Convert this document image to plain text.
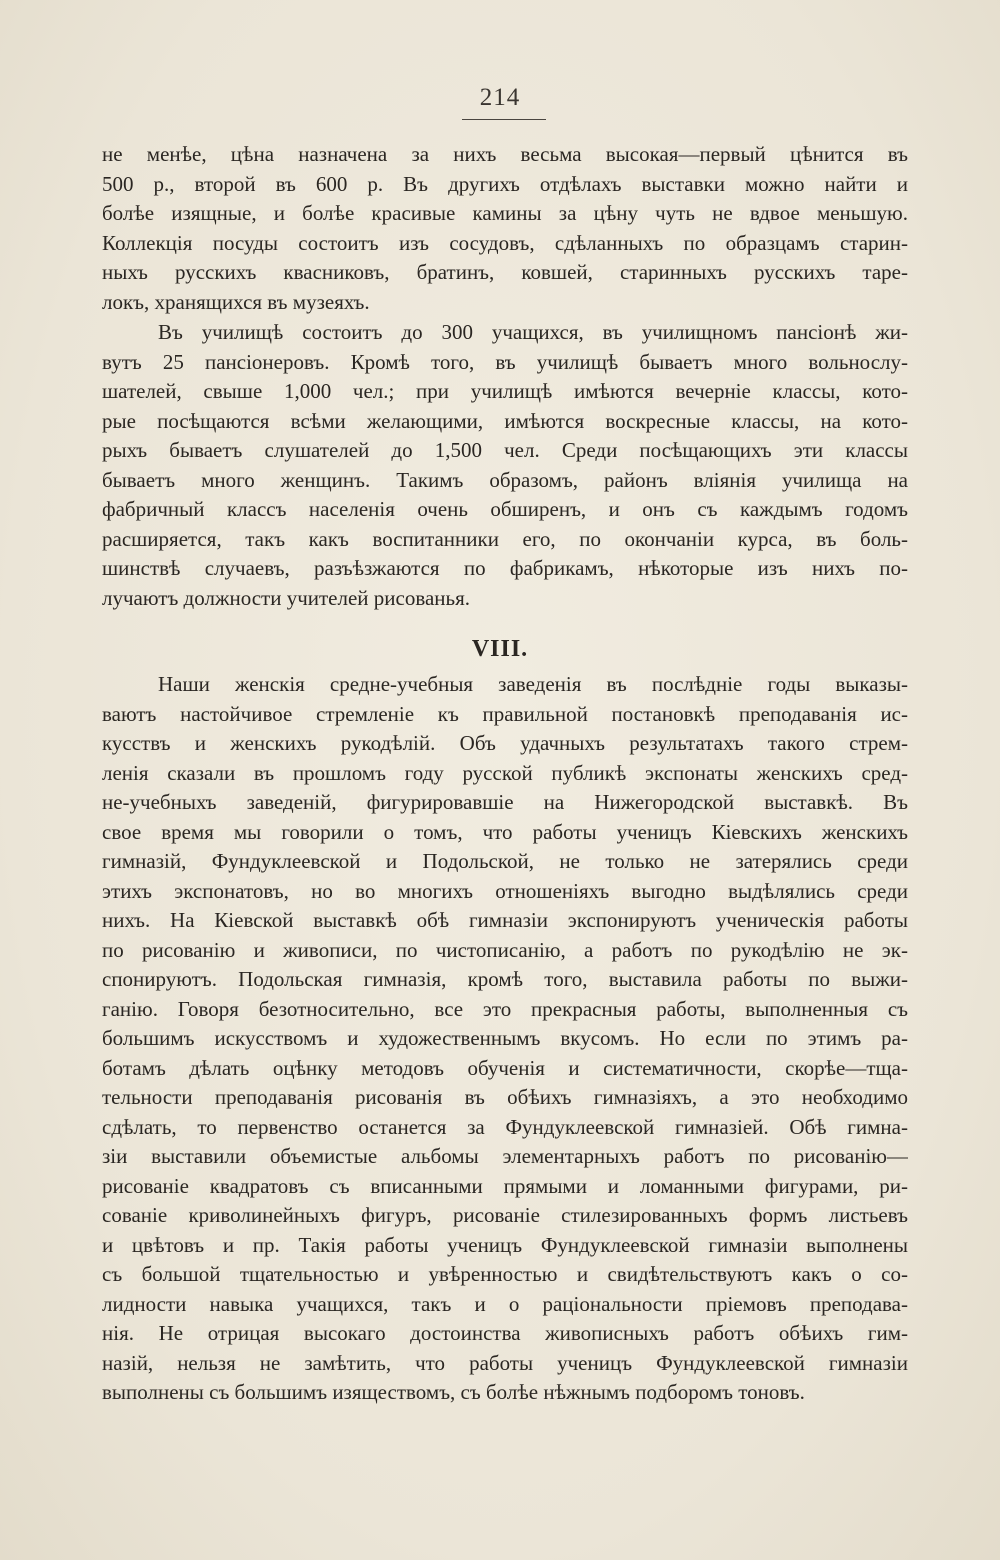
214
не менѣе, цѣна назначена за нихъ весьма высокая—первый цѣнится въ
500 р., второй въ 600 р. Въ другихъ отдѣлахъ выставки можно найти и
болѣе изящные, и болѣе красивые камины за цѣну чуть не вдвое меньшую.
Коллекція посуды состоитъ изъ сосудовъ, сдѣланныхъ по образцамъ старин-
ныхъ русскихъ квасниковъ, братинъ, ковшей, старинныхъ русскихъ таре-
локъ, хранящихся въ музеяхъ.
Въ училищѣ состоитъ до 300 учащихся, въ училищномъ пансіонѣ жи-
вутъ 25 пансіонеровъ. Кромѣ того, въ училищѣ бываетъ много вольнослу-
шателей, свыше 1,000 чел.; при училищѣ имѣются вечерніе классы, кото-
рые посѣщаются всѣми желающими, имѣются воскресные классы, на кото-
рыхъ бываетъ слушателей до 1,500 чел. Среди посѣщающихъ эти классы
бываетъ много женщинъ. Такимъ образомъ, районъ вліянія училища на
фабричный классъ населенія очень обширенъ, и онъ съ каждымъ годомъ
расширяется, такъ какъ воспитанники его, по окончаніи курса, въ боль-
шинствѣ случаевъ, разъѣзжаются по фабрикамъ, нѣкоторые изъ нихъ по-
лучаютъ должности учителей рисованья.
VIII.
Наши женскія средне-учебныя заведенія въ послѣдніе годы выказы-
ваютъ настойчивое стремленіе къ правильной постановкѣ преподаванія ис-
кусствъ и женскихъ рукодѣлій. Объ удачныхъ результатахъ такого стрем-
ленія сказали въ прошломъ году русской публикѣ экспонаты женскихъ сред-
не-учебныхъ заведеній, фигурировавшіе на Нижегородской выставкѣ. Въ
свое время мы говорили о томъ, что работы ученицъ Кіевскихъ женскихъ
гимназій, Фундуклеевской и Подольской, не только не затерялись среди
этихъ экспонатовъ, но во многихъ отношеніяхъ выгодно выдѣлялись среди
нихъ. На Кіевской выставкѣ обѣ гимназіи экспонируютъ ученическія работы
по рисованію и живописи, по чистописанію, а работъ по рукодѣлію не эк-
спонируютъ. Подольская гимназія, кромѣ того, выставила работы по выжи-
ганію. Говоря безотносительно, все это прекрасныя работы, выполненныя съ
большимъ искусствомъ и художественнымъ вкусомъ. Но если по этимъ ра-
ботамъ дѣлать оцѣнку методовъ обученія и систематичности, скорѣе—тща-
тельности преподаванія рисованія въ обѣихъ гимназіяхъ, а это необходимо
сдѣлать, то первенство останется за Фундуклеевской гимназіей. Обѣ гимна-
зіи выставили объемистые альбомы элементарныхъ работъ по рисованію—
рисованіе квадратовъ съ вписанными прямыми и ломанными фигурами, ри-
сованіе криволинейныхъ фигуръ, рисованіе стилезированныхъ формъ листьевъ
и цвѣтовъ и пр. Такія работы ученицъ Фундуклеевской гимназіи выполнены
съ большой тщательностью и увѣренностью и свидѣтельствуютъ какъ о со-
лидности навыка учащихся, такъ и о раціональности пріемовъ преподава-
нія. Не отрицая высокаго достоинства живописныхъ работъ обѣихъ гим-
назій, нельзя не замѣтить, что работы ученицъ Фундуклеевской гимназіи
выполнены съ большимъ изяществомъ, съ болѣе нѣжнымъ подборомъ тоновъ.
